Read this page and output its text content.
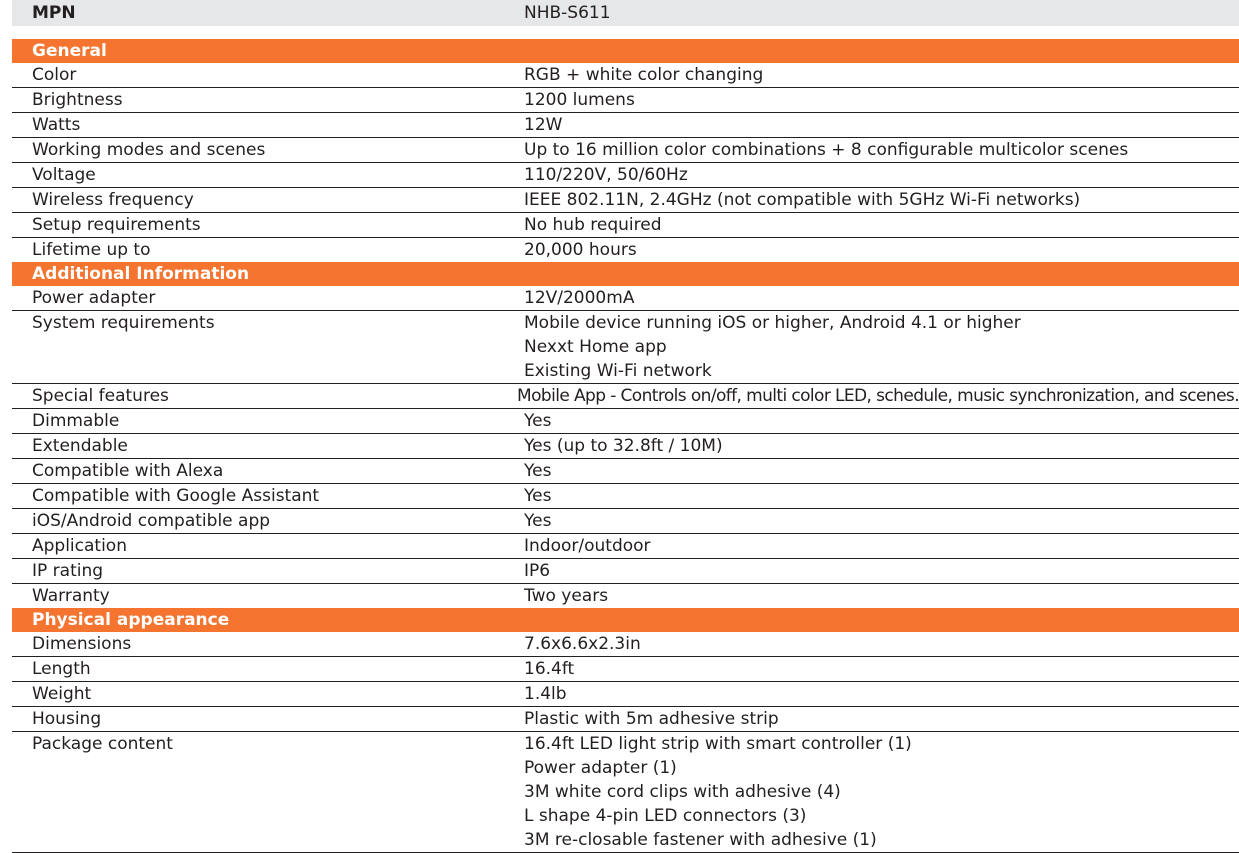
MPN	NHB-S611
General
Color	RGB + white color changing
Brightness	1200 lumens
Watts	12W
Working modes and scenes	Up to 16 million color combinations + 8 configurable multicolor scenes
Voltage	110/220V, 50/60Hz
Wireless frequency	IEEE 802.11N, 2.4GHz (not compatible with 5GHz Wi-Fi networks)
Setup requirements	No hub required
Lifetime up to	20,000 hours
Additional Information
Power adapter	12V/2000mA
System requirements	Mobile device running iOS or higher, Android 4.1 or higher
Nexxt Home app
Existing Wi-Fi network
Special features	Mobile App - Controls on/off, multi color LED, schedule, music synchronization, and scenes.
Dimmable	Yes
Extendable	Yes (up to 32.8ft / 10M)
Compatible with Alexa	Yes
Compatible with Google Assistant	Yes
iOS/Android compatible app	Yes
Application	Indoor/outdoor
IP rating	IP6
Warranty	Two years
Physical appearance
Dimensions	7.6x6.6x2.3in
Length	16.4ft
Weight	1.4lb
Housing	Plastic with 5m adhesive strip
Package content	16.4ft LED light strip with smart controller (1)
Power adapter (1)
3M white cord clips with adhesive (4)
L shape 4-pin LED connectors (3)
3M re-closable fastener with adhesive (1)
